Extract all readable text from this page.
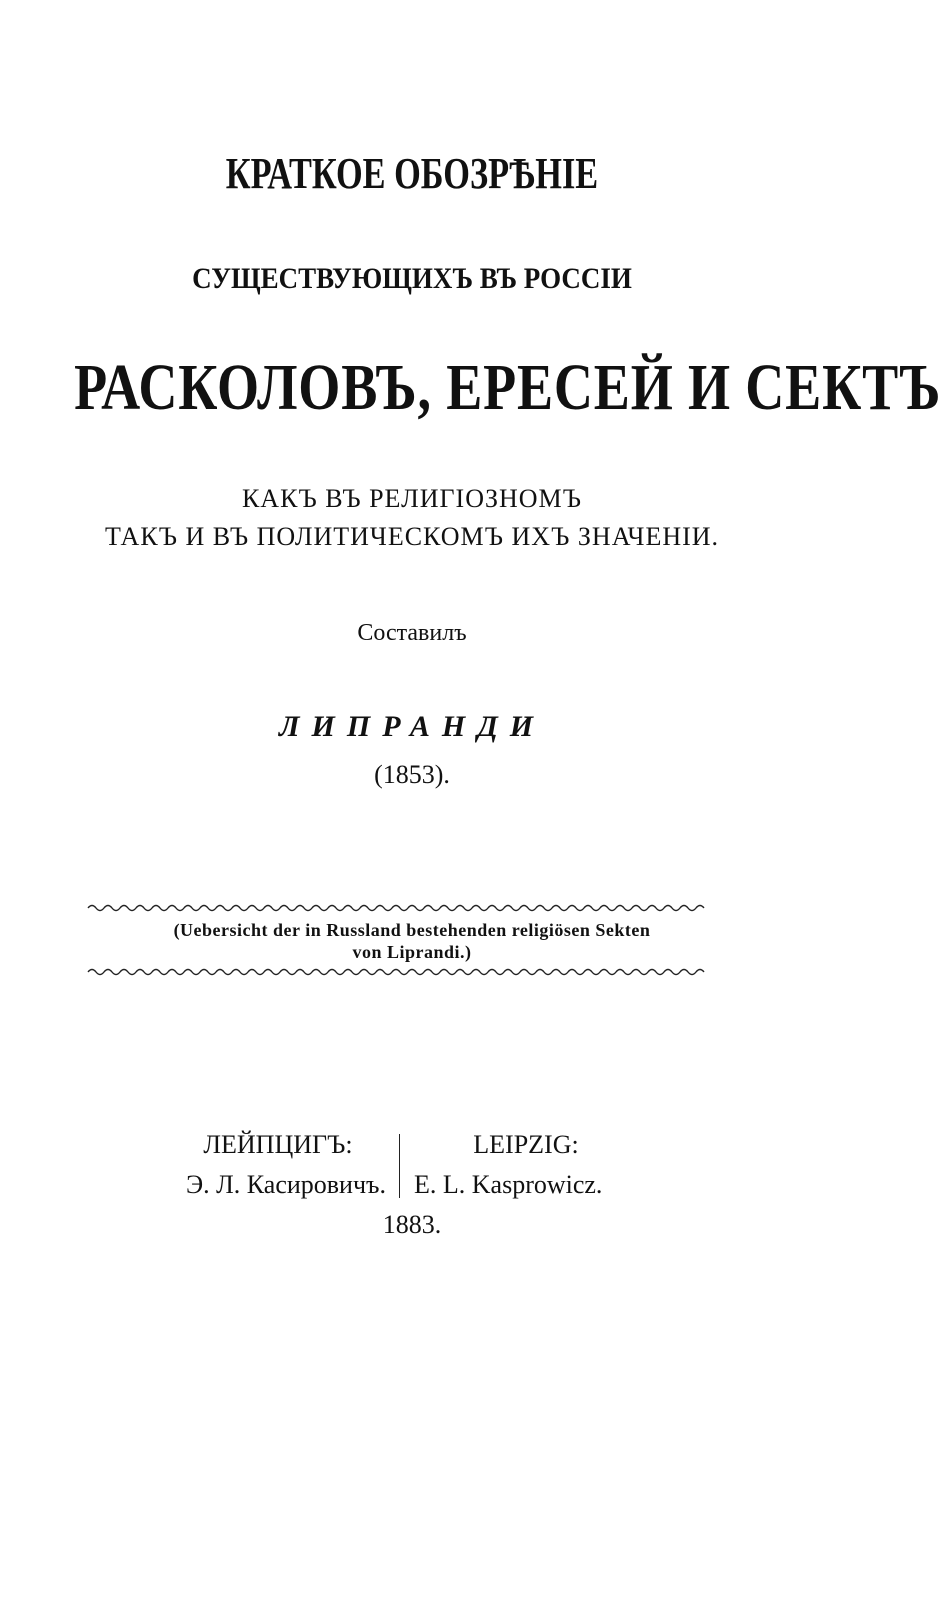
КРАТКОЕ ОБОЗРѢНІЕ
СУЩЕСТВУЮЩИХЪ ВЪ РОССІИ
РАСКОЛОВЪ, ЕРЕСЕЙ И СЕКТЪ
КАКЪ ВЪ РЕЛИГІОЗНОМЪ
ТАКЪ И ВЪ ПОЛИТИЧЕСКОМЪ ИХЪ ЗНАЧЕНІИ.
Составилъ
ЛИПРАНДИ
(1853).
(Uebersicht der in Russland bestehenden religiösen Sekten
von Liprandi.)
ЛЕЙПЦИГЪ:	LEIPZIG:
Э. Л. Касировичъ. E. L. Kasprowicz.
1883.
